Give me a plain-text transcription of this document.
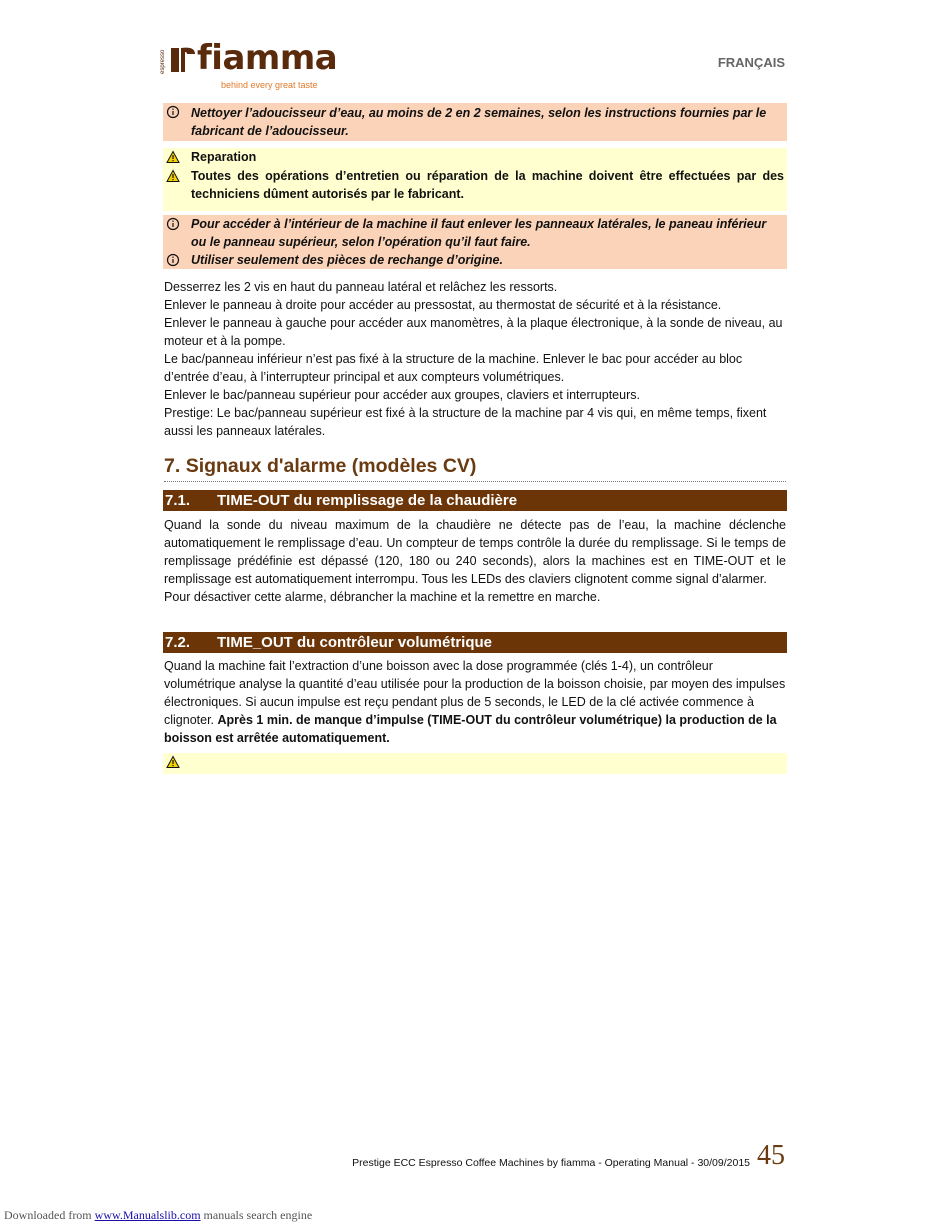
espresso fiamma
behind every great taste
FRANÇAIS
Nettoyer l’adoucisseur d’eau, au moins de 2 en 2 semaines, selon les instructions fournies par le fabricant de l’adoucisseur.
Reparation
Toutes des opérations d’entretien ou réparation de la machine doivent être effectuées par des techniciens dûment autorisés par le fabricant.
Pour accéder à l’intérieur de la machine il faut enlever les panneaux latérales, le paneau inférieur ou le panneau supérieur, selon l’opération qu’il faut faire.
Utiliser seulement des pièces de rechange d’origine.
Desserrez les 2 vis en haut du panneau latéral et relâchez les ressorts.
Enlever le panneau à droite pour accéder au pressostat, au thermostat de sécurité et à la résistance.
Enlever le panneau à gauche pour accéder aux manomètres, à la plaque électronique, à la sonde de niveau, au moteur et à la pompe.
Le bac/panneau inférieur n’est pas fixé à la structure de la machine. Enlever le bac pour accéder au bloc d’entrée d’eau, à l’interrupteur principal et aux compteurs volumétriques.
Enlever le bac/panneau supérieur pour accéder aux groupes, claviers et interrupteurs.
Prestige: Le bac/panneau supérieur est fixé à la structure de la machine par 4 vis qui, en même temps, fixent aussi les panneaux latérales.
7. Signaux d'alarme (modèles CV)
7.1. TIME-OUT du remplissage de la chaudière
Quand la sonde du niveau maximum de la chaudière ne détecte pas de l’eau, la machine déclenche automatiquement le remplissage d’eau. Un compteur de temps contrôle la durée du remplissage. Si le temps de remplissage prédéfinie est dépassé (120, 180 ou 240 seconds), alors la machines est en TIME-OUT et le remplissage est automatiquement interrompu. Tous les LEDs des claviers clignotent comme signal d’alarmer.
Pour désactiver cette alarme, débrancher la machine et la remettre en marche.
7.2. TIME_OUT du contrôleur volumétrique
Quand la machine fait l’extraction d’une boisson avec la dose programmée (clés 1-4), un contrôleur volumétrique analyse la quantité d’eau utilisée pour la production de la boisson choisie, par moyen des impulses électroniques. Si aucun impulse est reçu pendant plus de 5 seconds, le LED de la clé activée commence à clignoter. Après 1 min. de manque d’impulse (TIME-OUT du contrôleur volumétrique) la production de la boisson est arrêtée automatiquement.
Prestige ECC Espresso Coffee Machines by fiamma - Operating Manual - 30/09/2015 45
Downloaded from www.Manualslib.com manuals search engine
